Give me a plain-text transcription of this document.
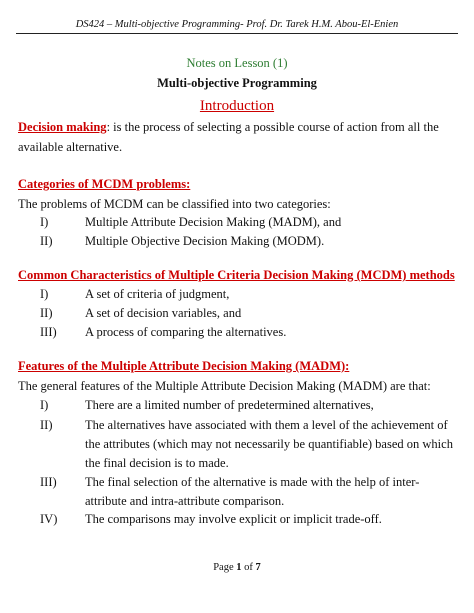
DS424 – Multi-objective Programming- Prof. Dr. Tarek H.M. Abou-El-Enien
Notes on Lesson (1)
Multi-objective Programming
Introduction
Decision making: is the process of selecting a possible course of action from all the available alternative.
Categories of MCDM problems:
The problems of MCDM can be classified into two categories:
I)	Multiple Attribute Decision Making (MADM), and
II)	Multiple Objective Decision Making (MODM).
Common Characteristics of Multiple Criteria Decision Making (MCDM) methods
I)	A set of criteria of judgment,
II)	A set of decision variables, and
III)	A process of comparing the alternatives.
Features of the Multiple Attribute Decision Making (MADM):
The general features of the Multiple Attribute Decision Making (MADM) are that:
I)	There are a limited number of predetermined alternatives,
II)	The alternatives have associated with them a level of the achievement of the attributes (which may not necessarily be quantifiable) based on which the final decision is to made.
III)	The final selection of the alternative is made with the help of inter- attribute and intra-attribute comparison.
IV)	The comparisons may involve explicit or implicit trade-off.
Page 1 of 7
